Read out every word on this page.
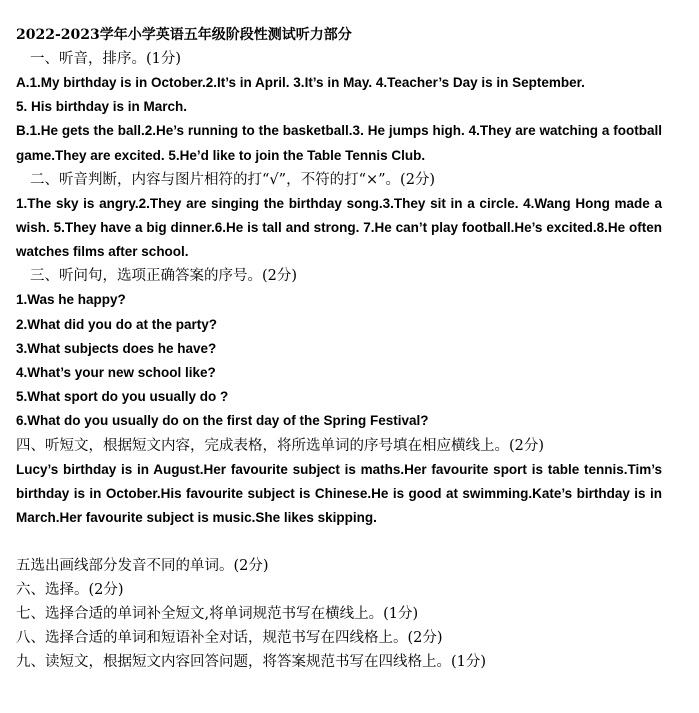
2022-2023学年小学英语五年级阶段性测试听力部分

一、听音，排序。(1分)

A.1.My birthday is in October.2.It’s in April. 3.It’s in May. 4.Teacher’s Day is in September.

5. His birthday is in March.

B.1.He gets the ball.2.He’s running to the basketball.3. He jumps high. 4.They are watching a football game.They are excited. 5.He’d like to join the Table Tennis Club.

二、听音判断，内容与图片相符的打“√”，不符的打“×”。(2分)

1.The sky is angry.2.They are singing the birthday song.3.They sit in a circle. 4.Wang Hong made a wish. 5.They have a big dinner.6.He is tall and strong. 7.He can’t play football.He’s excited.8.He often watches films after school.

三、听问句，选项正确答案的序号。(2分)

1.Was he happy?

2.What did you do at the party?

3.What subjects does he have?

4.What’s your new school like?

5.What sport do you usually do ?

6.What do you usually do on the first day of the Spring Festival?

四、听短文，根据短文内容，完成表格，将所选单词的序号填在相应横线上。(2分)

Lucy’s birthday is in August.Her favourite subject is maths.Her favourite sport is table tennis.Tim’s birthday is in October.His favourite subject is Chinese.He is good at swimming.Kate’s birthday is in March.Her favourite subject is music.She likes skipping.

五选出画线部分发音不同的单词。(2分)

六、选择。(2分)

七、选择合适的单词补全短文,将单词规范书写在横线上。(1分)

八、选择合适的单词和短语补全对话，规范书写在四线格上。(2分)

九、读短文，根据短文内容回答问题，将答案规范书写在四线格上。(1分)
